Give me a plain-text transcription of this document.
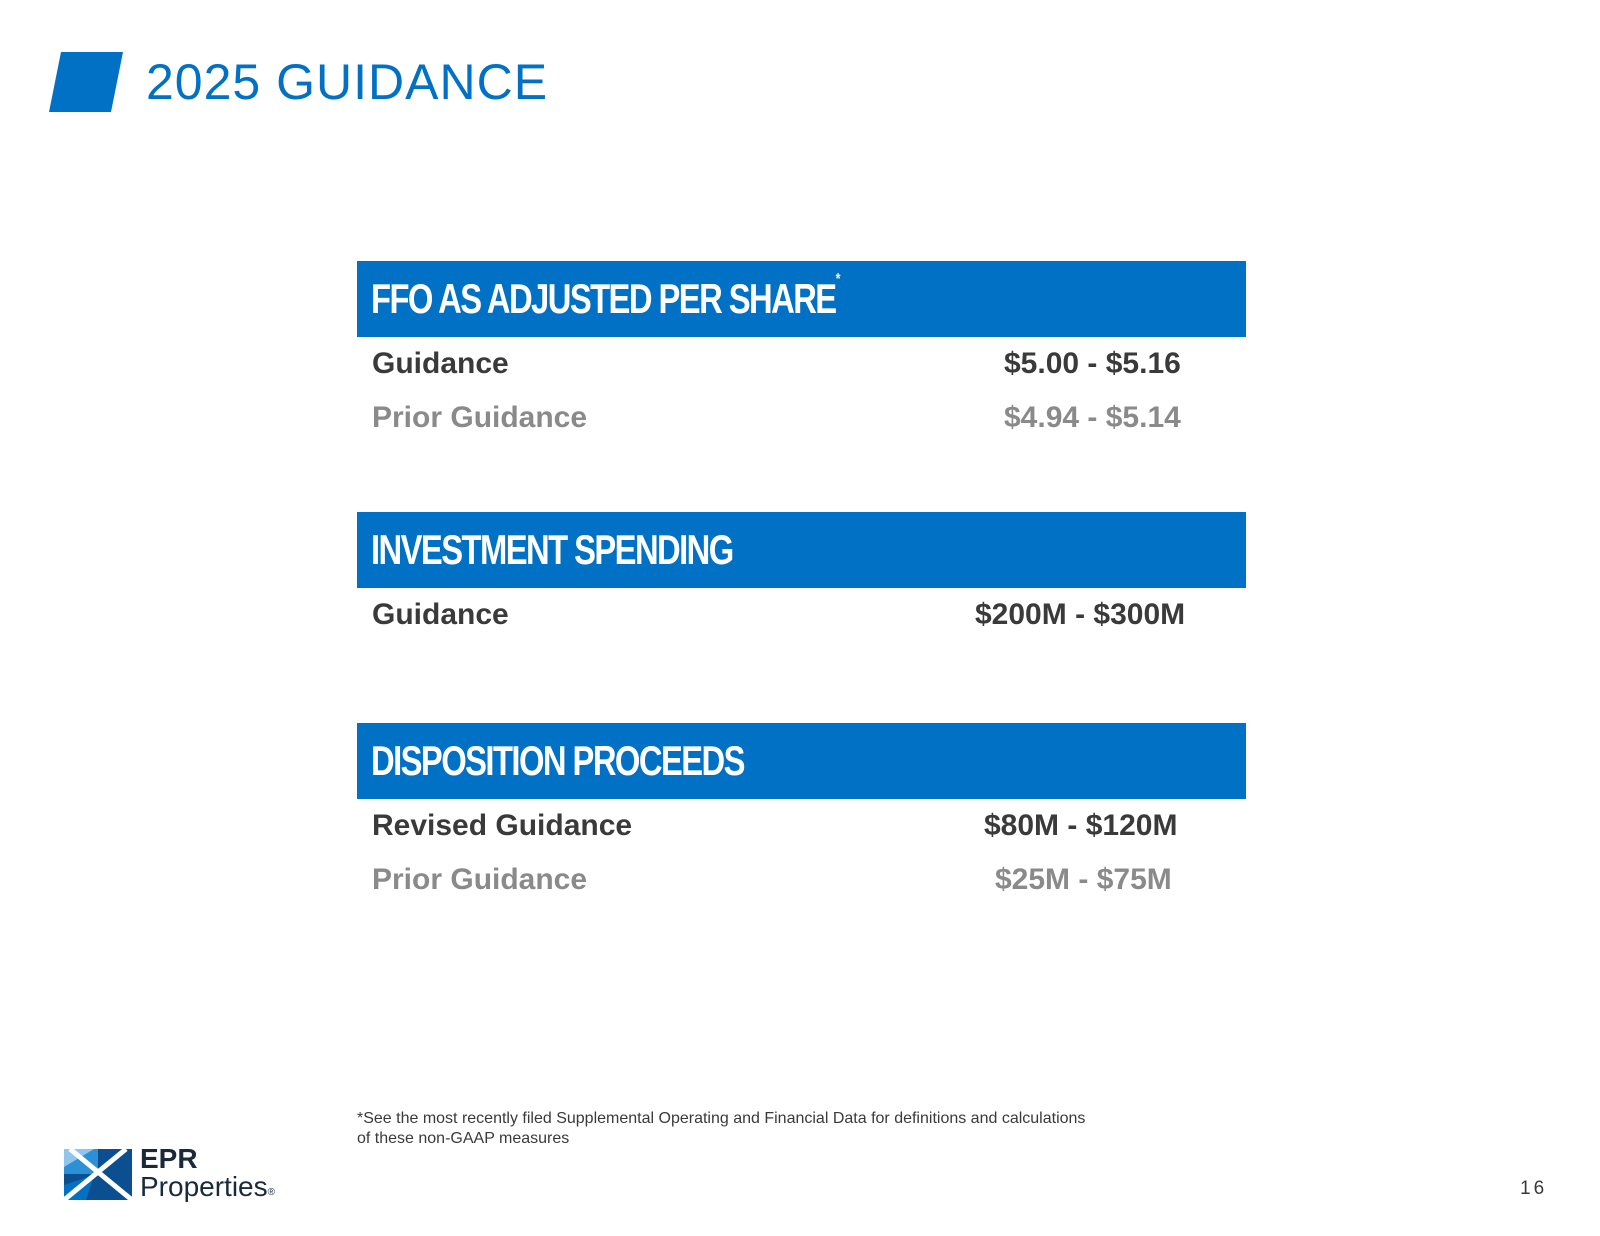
2025 GUIDANCE
FFO AS ADJUSTED PER SHARE*
Guidance	$5.00 - $5.16
Prior Guidance	$4.94 - $5.14
INVESTMENT SPENDING
Guidance	$200M - $300M
DISPOSITION PROCEEDS
Revised Guidance	$80M - $120M
Prior Guidance	$25M - $75M
*See the most recently filed Supplemental Operating and Financial Data for definitions and calculations
of these non-GAAP measures
EPR
Properties®	16
